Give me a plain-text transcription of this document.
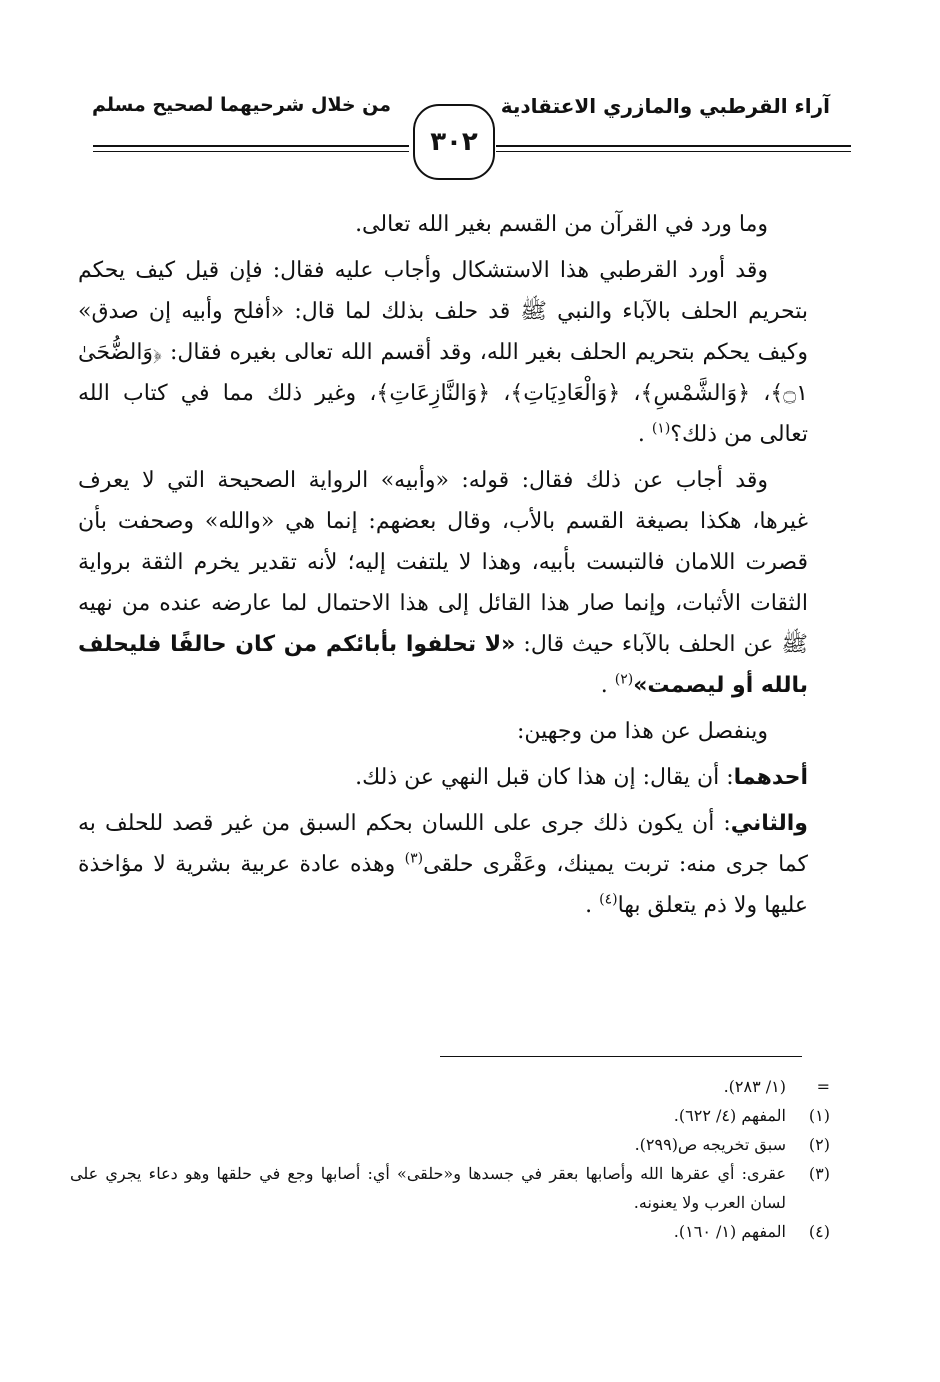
آراء القرطبي والمازري الاعتقادية
من خلال شرحيهما لصحيح مسلم
٣٠٢

وما ورد في القرآن من القسم بغير الله تعالى.

وقد أورد القرطبي هذا الاستشكال وأجاب عليه فقال: فإن قيل كيف يحكم بتحريم الحلف بالآباء والنبي ﷺ قد حلف بذلك لما قال: «أفلح وأبيه إن صدق» وكيف يحكم بتحريم الحلف بغير الله، وقد أقسم الله تعالى بغيره فقال: ﴿وَالضُّحَىٰ ۝١﴾، ﴿وَالشَّمْسِ﴾، ﴿وَالْعَادِيَاتِ﴾، ﴿وَالنَّازِعَاتِ﴾، وغير ذلك مما في كتاب الله تعالى من ذلك؟$^{(١)}$ .

وقد أجاب عن ذلك فقال: قوله: «وأبيه» الرواية الصحيحة التي لا يعرف غيرها، هكذا بصيغة القسم بالأب، وقال بعضهم: إنما هي «والله» وصحفت بأن قصرت اللامان فالتبست بأبيه، وهذا لا يلتفت إليه؛ لأنه تقدير يخرم الثقة برواية الثقات الأثبات، وإنما صار هذا القائل إلى هذا الاحتمال لما عارضه عنده من نهيه ﷺ عن الحلف بالآباء حيث قال: «لا تحلفوا بأبائكم من كان حالفًا فليحلف بالله أو ليصمت»$^{(٢)}$ .

وينفصل عن هذا من وجهين:

أحدهما: أن يقال: إن هذا كان قبل النهي عن ذلك.

والثاني: أن يكون ذلك جرى على اللسان بحكم السبق من غير قصد للحلف به كما جرى منه: تربت يمينك، وعَقْرى حلقى$^{(٣)}$ وهذه عادة عربية بشرية لا مؤاخذة عليها ولا ذم يتعلق بها$^{(٤)}$ .

=
(١/ ٢٨٣).
(١)
المفهم (٤/ ٦٢٢).
(٢)
سبق تخريجه ص(٢٩٩).
(٣)
عقرى: أي عقرها الله وأصابها بعقر في جسدها و«حلقى» أي: أصابها وجع في حلقها وهو دعاء يجري على لسان العرب ولا يعنونه.
(٤)
المفهم (١/ ١٦٠).
